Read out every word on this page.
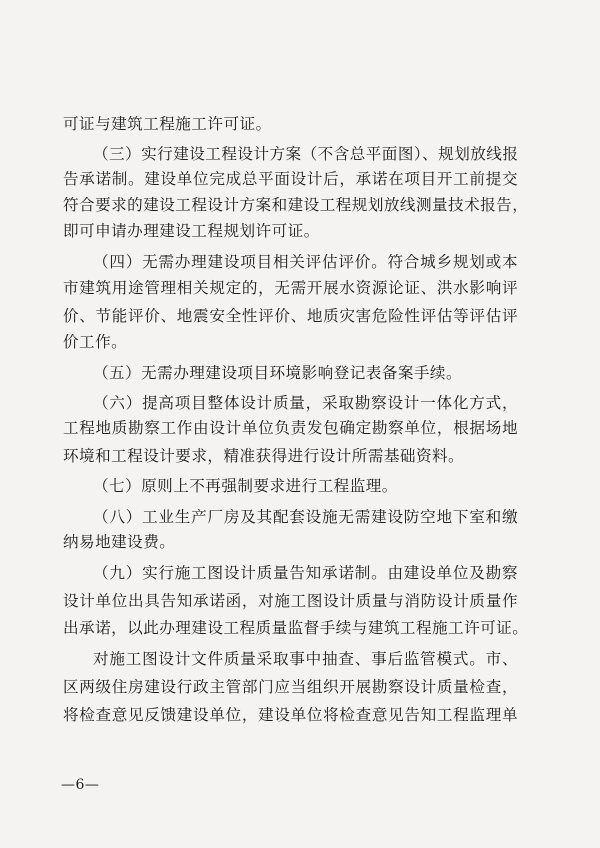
可证与建筑工程施工许可证。
（三）实行建设工程设计方案（不含总平面图）、规划放线报
告承诺制。建设单位完成总平面设计后，承诺在项目开工前提交
符合要求的建设工程设计方案和建设工程规划放线测量技术报告，
即可申请办理建设工程规划许可证。
（四）无需办理建设项目相关评估评价。符合城乡规划或本
市建筑用途管理相关规定的，无需开展水资源论证、洪水影响评
价、节能评价、地震安全性评价、地质灾害危险性评估等评估评
价工作。
（五）无需办理建设项目环境影响登记表备案手续。
（六）提高项目整体设计质量，采取勘察设计一体化方式，
工程地质勘察工作由设计单位负责发包确定勘察单位，根据场地
环境和工程设计要求，精准获得进行设计所需基础资料。
（七）原则上不再强制要求进行工程监理。
（八）工业生产厂房及其配套设施无需建设防空地下室和缴
纳易地建设费。
（九）实行施工图设计质量告知承诺制。由建设单位及勘察
设计单位出具告知承诺函，对施工图设计质量与消防设计质量作
出承诺，以此办理建设工程质量监督手续与建筑工程施工许可证。
对施工图设计文件质量采取事中抽查、事后监管模式。市、
区两级住房建设行政主管部门应当组织开展勘察设计质量检查，
将检查意见反馈建设单位，建设单位将检查意见告知工程监理单
—6—
